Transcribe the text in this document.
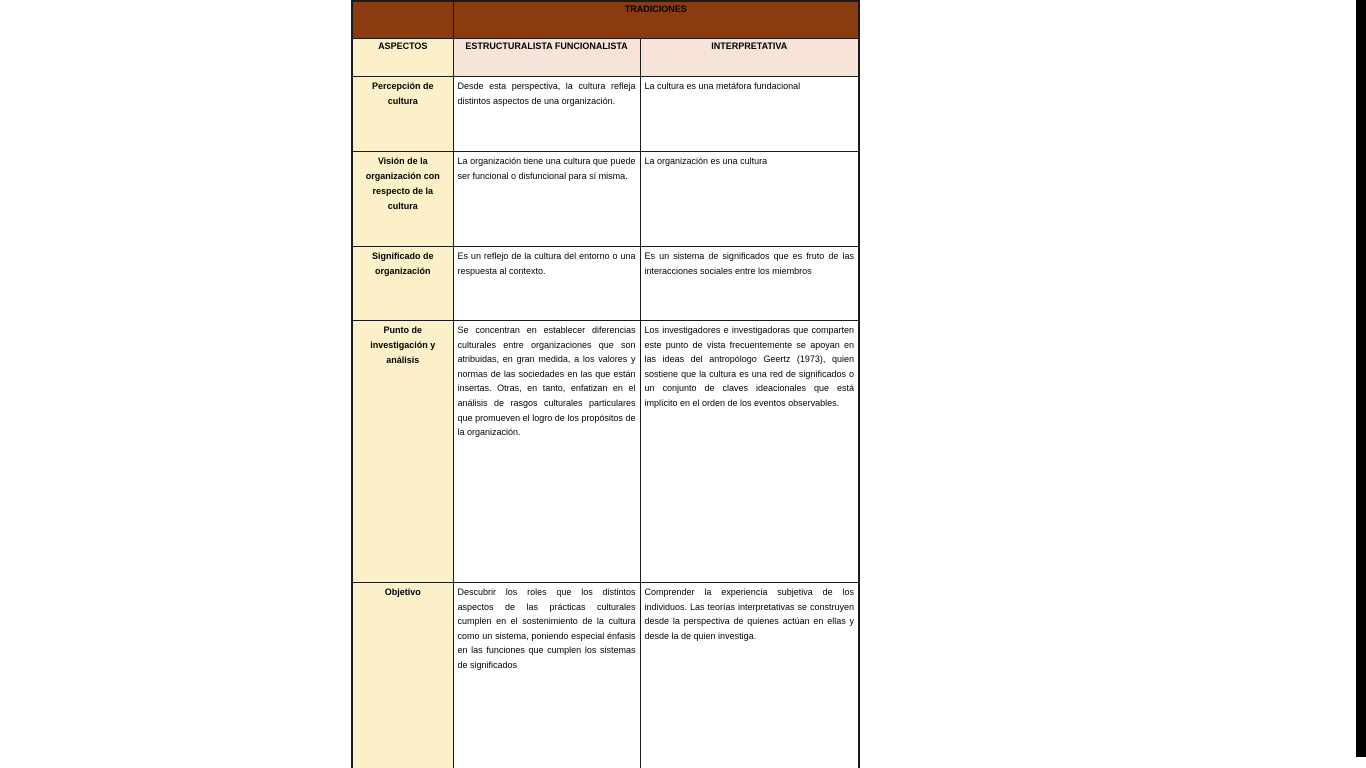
	TRADICIONES	
ASPECTOS	ESTRUCTURALISTA FUNCIONALISTA	INTERPRETATIVA
Percepción de cultura	Desde esta perspectiva, la cultura refleja distintos aspectos de una organización.	La cultura es una metáfora fundacional
Visión de la organización con respecto de la cultura	La organización tiene una cultura que puede ser funcional o disfuncional para sí misma.	La organización es una cultura
Significado de organización	Es un reflejo de la cultura del entorno o una respuesta al contexto.	Es un sistema de significados que es fruto de las interacciones sociales entre los miembros
Punto de investigación y análisis	Se concentran en establecer diferencias culturales entre organizaciones que son atribuidas, en gran medida, a los valores y normas de las sociedades en las que están insertas. Otras, en tanto, enfatizan en el análisis de rasgos culturales particulares que promueven el logro de los propósitos de la organización.	Los investigadores e investigadoras que comparten este punto de vista frecuentemente se apoyan en las ideas del antropólogo Geertz (1973), quien sostiene que la cultura es una red de significados o un conjunto de claves ideacionales que está implícito en el orden de los eventos observables.
Objetivo	Descubrir los roles que los distintos aspectos de las prácticas culturales cumplen en el sostenimiento de la cultura como un sistema, poniendo especial énfasis en las funciones que cumplen los sistemas de significados	Comprender la experiencia subjetiva de los individuos. Las teorías interpretativas se construyen desde la perspectiva de quienes actúan en ellas y desde la de quien investiga.
